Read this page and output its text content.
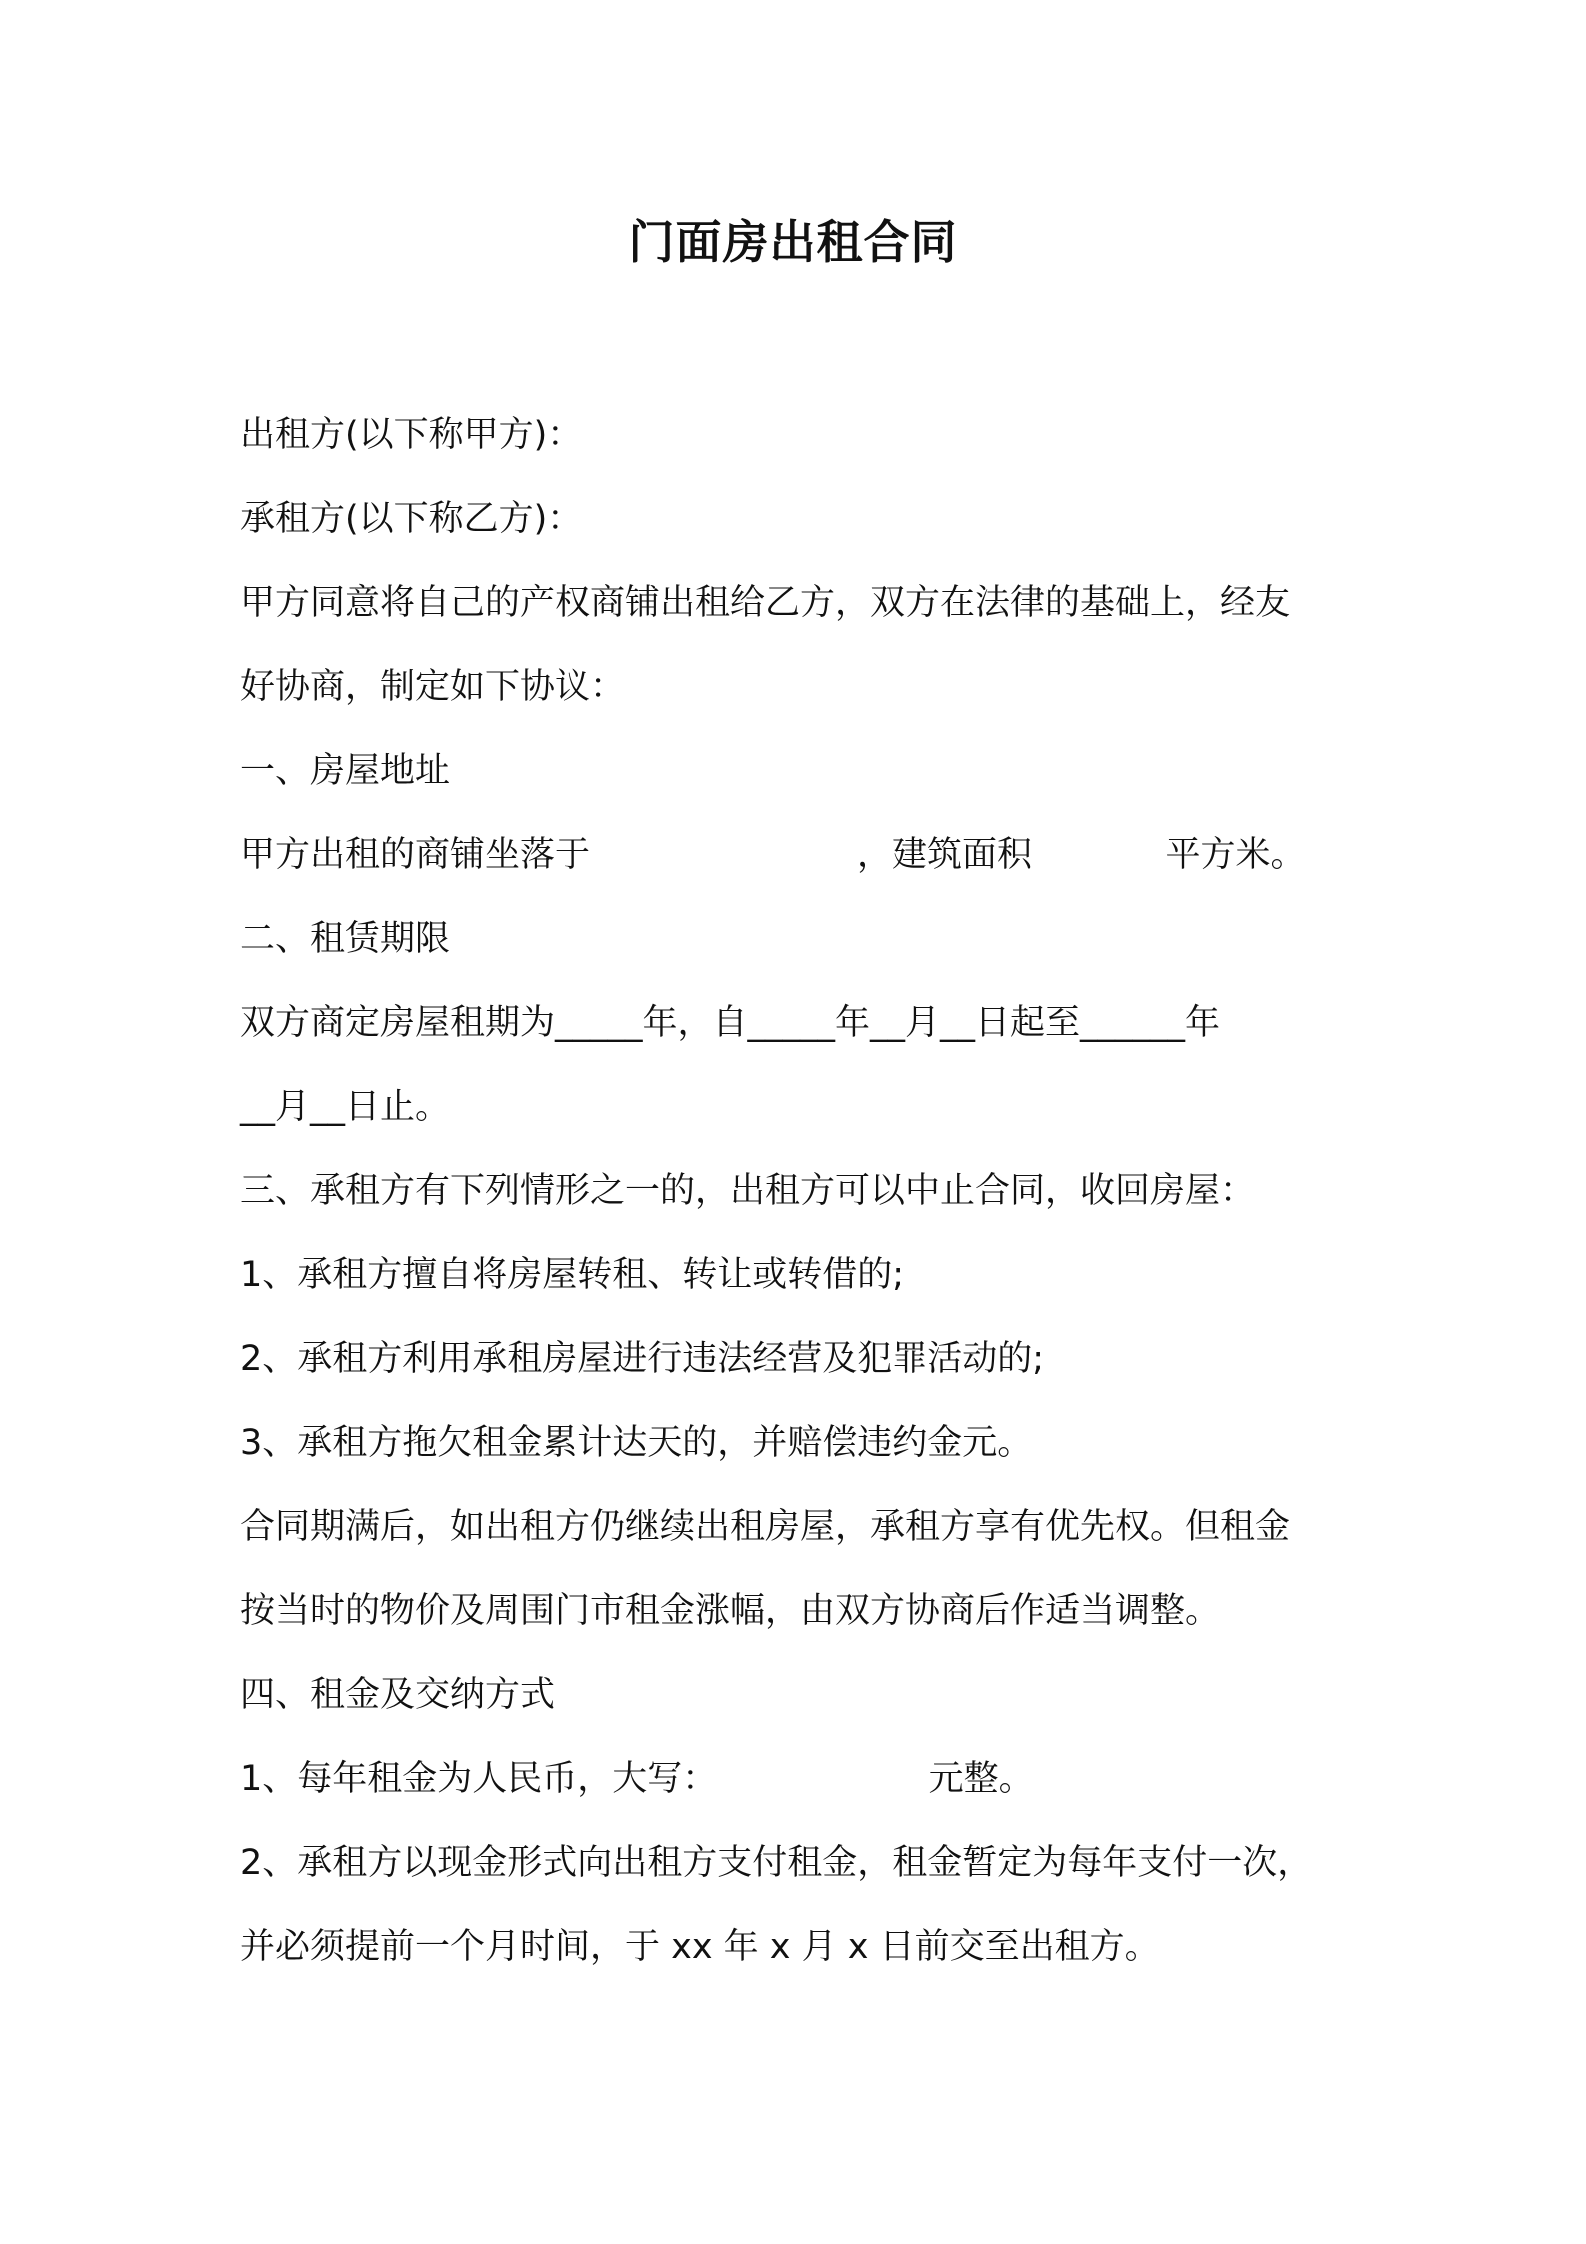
门面房出租合同
出租方(以下称甲方)：
承租方(以下称乙方)：
甲方同意将自己的产权商铺出租给乙方，双方在法律的基础上，经友
好协商，制定如下协议：
一、房屋地址
甲方出租的商铺坐落于                        ，建筑面积            平方米。
二、租赁期限
双方商定房屋租期为_____年，自_____年__月__日起至______年
__月__日止。
三、承租方有下列情形之一的，出租方可以中止合同，收回房屋：
1、承租方擅自将房屋转租、转让或转借的;
2、承租方利用承租房屋进行违法经营及犯罪活动的;
3、承租方拖欠租金累计达天的，并赔偿违约金元。
合同期满后，如出租方仍继续出租房屋，承租方享有优先权。但租金
按当时的物价及周围门市租金涨幅，由双方协商后作适当调整。
四、租金及交纳方式
1、每年租金为人民币，大写：                   元整。
2、承租方以现金形式向出租方支付租金，租金暂定为每年支付一次，
并必须提前一个月时间，于 xx 年 x 月 x 日前交至出租方。
